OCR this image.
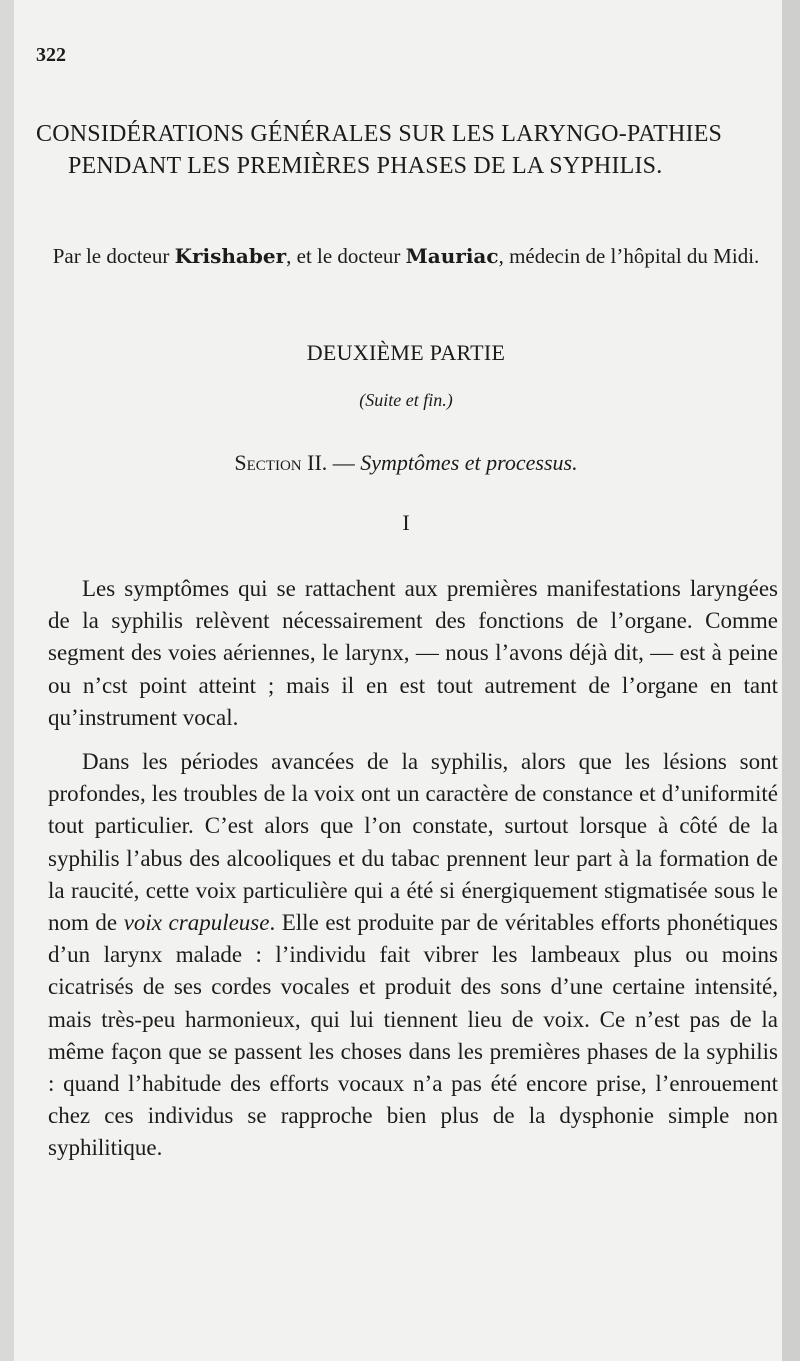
322
CONSIDÉRATIONS GÉNÉRALES SUR LES LARYNGO-PATHIES PENDANT LES PREMIÈRES PHASES DE LA SYPHILIS.
Par le docteur Krishaber, et le docteur Mauriac, médecin de l’hôpital du Midi.
DEUXIÈME PARTIE
(Suite et fin.)
Section II. — Symptômes et processus.
I

Les symptômes qui se rattachent aux premières manifestations laryngées de la syphilis relèvent nécessairement des fonctions de l’organe. Comme segment des voies aériennes, le larynx, — nous l’avons déjà dit, — est à peine ou n’cst point atteint ; mais il en est tout autrement de l’organe en tant qu’instrument vocal.

Dans les périodes avancées de la syphilis, alors que les lésions sont profondes, les troubles de la voix ont un caractère de constance et d’uniformité tout particulier. C’est alors que l’on constate, surtout lorsque à côté de la syphilis l’abus des alcooliques et du tabac prennent leur part à la formation de la raucité, cette voix particulière qui a été si énergiquement stigmatisée sous le nom de voix crapuleuse. Elle est produite par de véritables efforts phonétiques d’un larynx malade : l’individu fait vibrer les lambeaux plus ou moins cicatrisés de ses cordes vocales et produit des sons d’une certaine intensité, mais très-peu harmonieux, qui lui tiennent lieu de voix. Ce n’est pas de la même façon que se passent les choses dans les premières phases de la syphilis : quand l’habitude des efforts vocaux n’a pas été encore prise, l’enrouement chez ces individus se rapproche bien plus de la dysphonie simple non syphilitique.
